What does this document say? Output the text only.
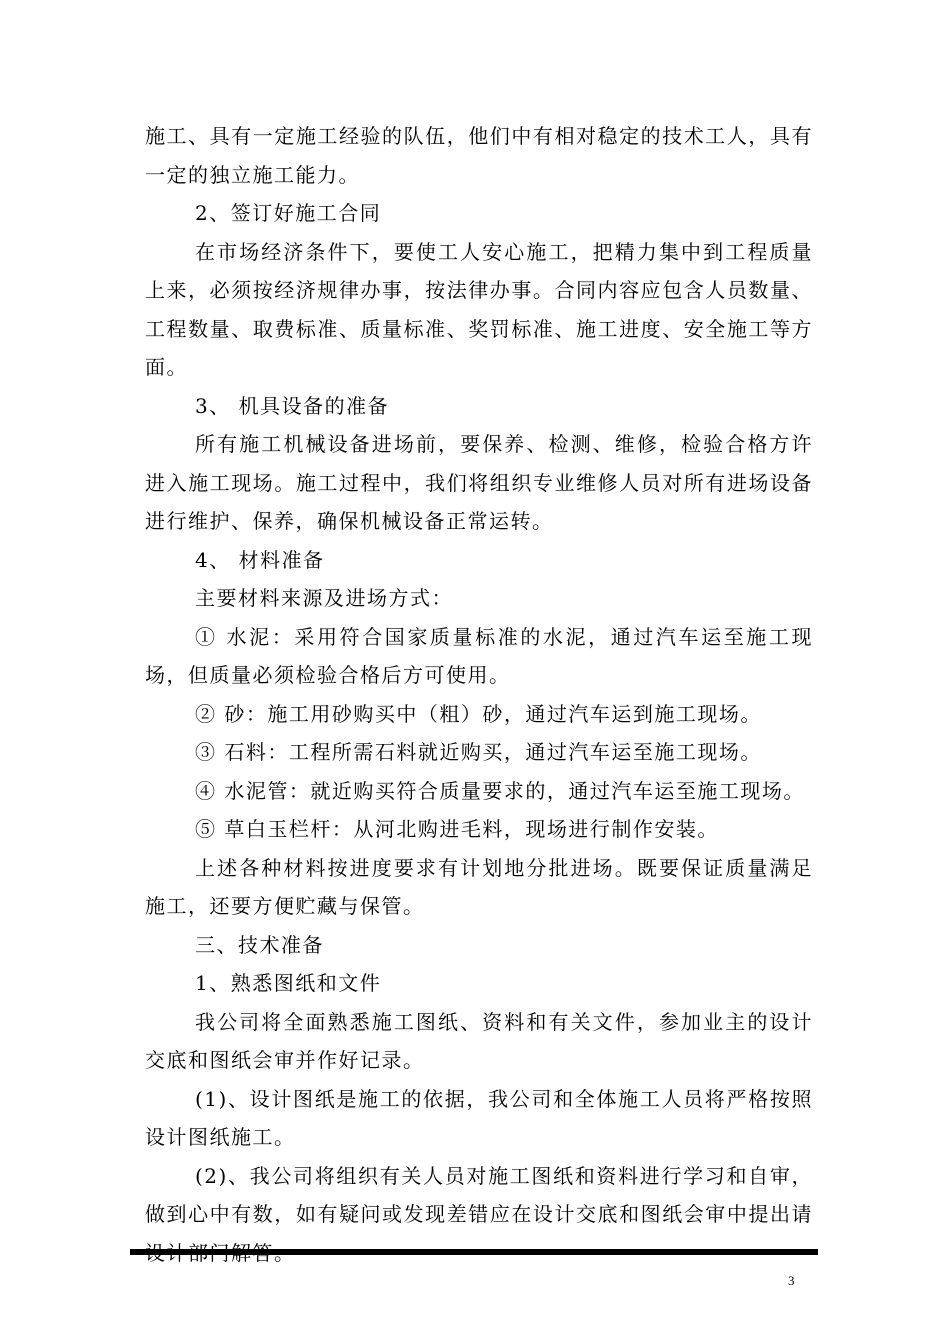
施工、具有一定施工经验的队伍，他们中有相对稳定的技术工人，具有一定的独立施工能力。

2、签订好施工合同

在市场经济条件下，要使工人安心施工，把精力集中到工程质量上来，必须按经济规律办事，按法律办事。合同内容应包含人员数量、工程数量、取费标准、质量标准、奖罚标准、施工进度、安全施工等方面。

3、 机具设备的准备

所有施工机械设备进场前，要保养、检测、维修，检验合格方许进入施工现场。施工过程中，我们将组织专业维修人员对所有进场设备进行维护、保养，确保机械设备正常运转。

4、 材料准备

主要材料来源及进场方式：

① 水泥：采用符合国家质量标准的水泥，通过汽车运至施工现场，但质量必须检验合格后方可使用。

② 砂：施工用砂购买中（粗）砂，通过汽车运到施工现场。

③ 石料：工程所需石料就近购买，通过汽车运至施工现场。

④ 水泥管：就近购买符合质量要求的，通过汽车运至施工现场。

⑤ 草白玉栏杆：从河北购进毛料，现场进行制作安装。

上述各种材料按进度要求有计划地分批进场。既要保证质量满足施工，还要方便贮藏与保管。

三、技术准备

1、熟悉图纸和文件

我公司将全面熟悉施工图纸、资料和有关文件，参加业主的设计交底和图纸会审并作好记录。

(1)、设计图纸是施工的依据，我公司和全体施工人员将严格按照设计图纸施工。

(2)、我公司将组织有关人员对施工图纸和资料进行学习和自审，做到心中有数，如有疑问或发现差错应在设计交底和图纸会审中提出请

3
